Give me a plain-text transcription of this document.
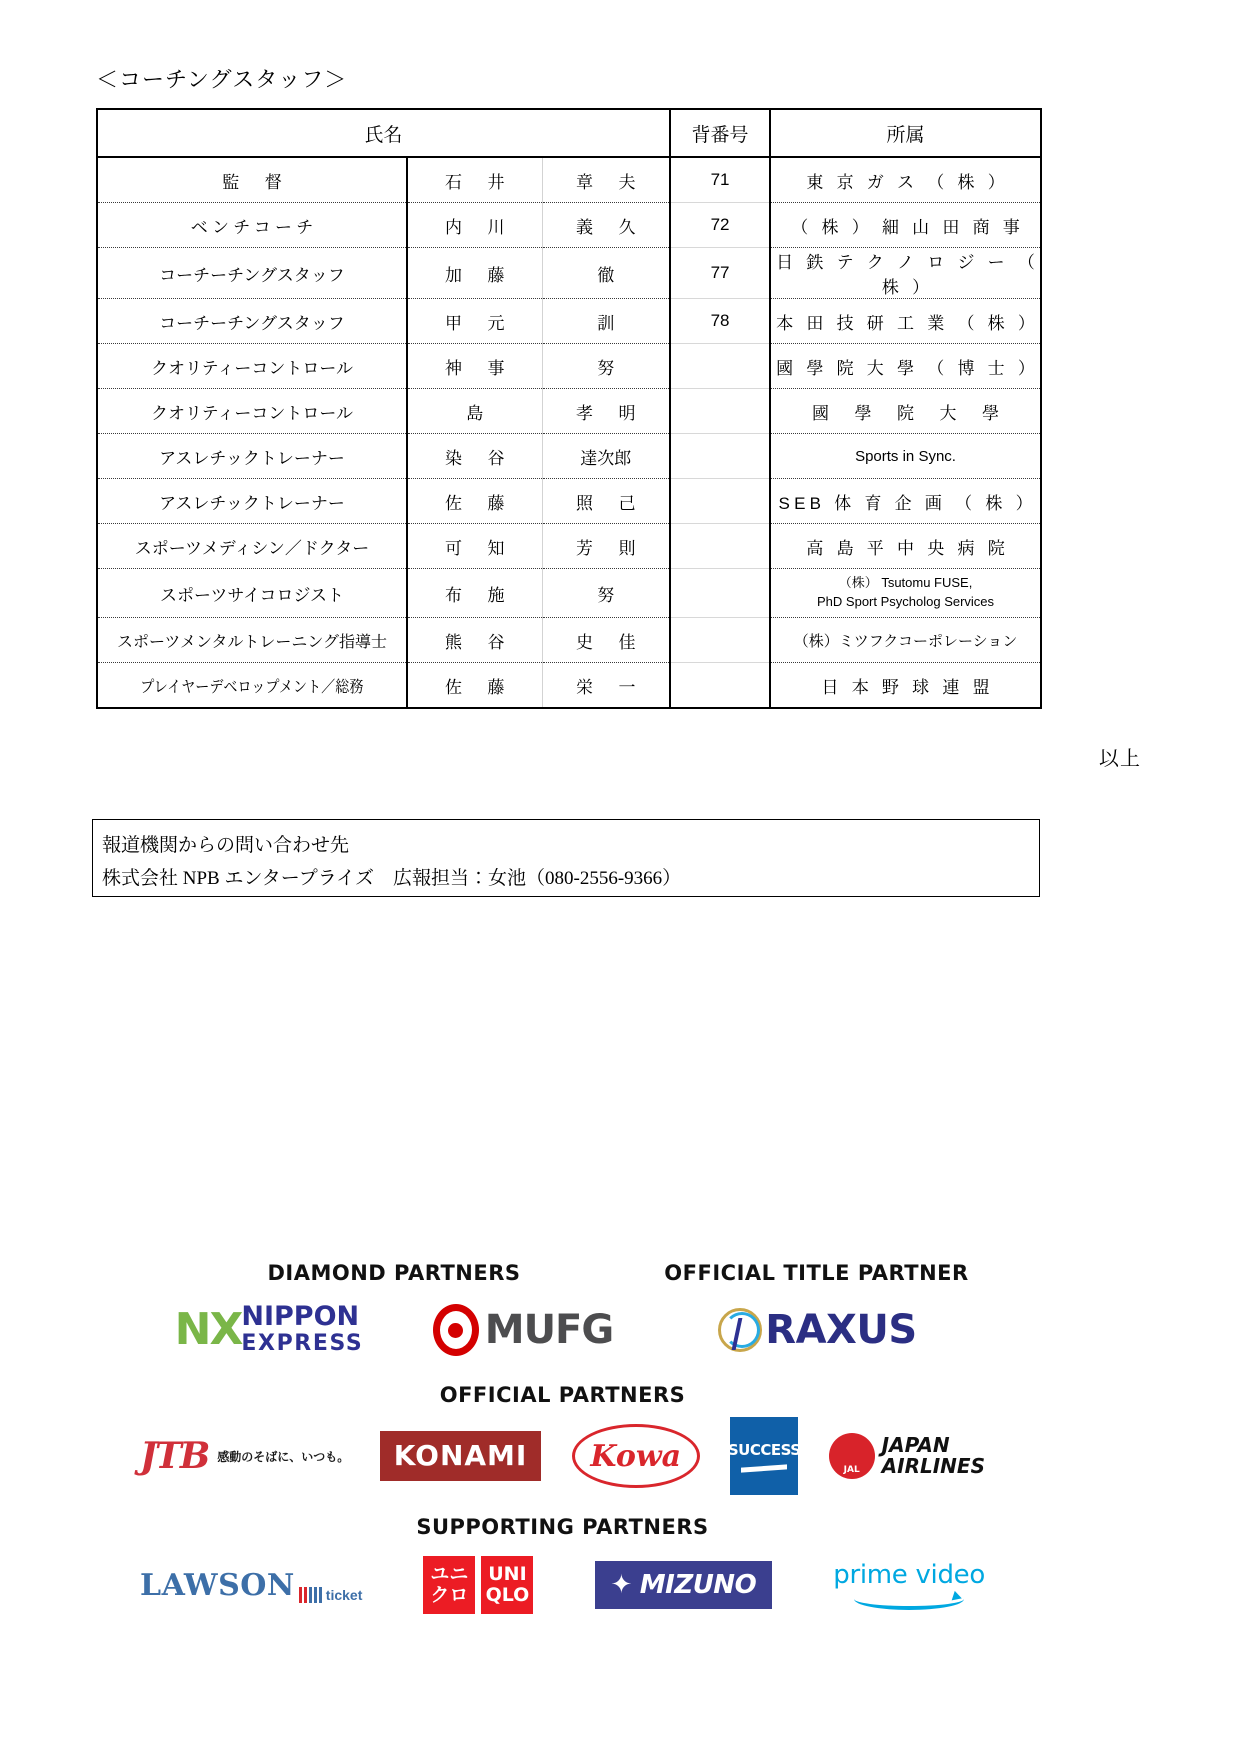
＜コーチングスタッフ＞
氏名			背番号	所属
監　督	石　井	章　夫	71	東 京 ガ ス （ 株 ）
ベンチコーチ	内　川	義　久	72	（ 株 ） 細 山 田 商 事
コーチーチングスタッフ	加　藤	徹	77	日 鉄 テ ク ノ ロ ジ ー （ 株 ）
コーチーチングスタッフ	甲　元	訓	78	本 田 技 研 工 業 （ 株 ）
クオリティーコントロール	神　事	努		國 學 院 大 學 （ 博 士 ）
クオリティーコントロール	島	孝　明		國　學　院　大　學
アスレチックトレーナー	染　谷	達次郎		Sports in Sync.
アスレチックトレーナー	佐　藤	照　己		SEB 体 育 企 画 （ 株 ）
スポーツメディシン／ドクター	可　知	芳　則		高 島 平 中 央 病 院
スポーツサイコロジスト	布　施	努		（株） Tsutomu FUSE,
PhD Sport Psycholog Services

スポーツメンタルトレーニング指導士	熊　谷	史　佳		（株）ミツフクコーポレーション
プレイヤーデベロップメント／総務	佐　藤	栄　一		日 本 野 球 連 盟
以上
報道機関からの問い合わせ先
株式会社 NPB エンタープライズ　広報担当：女池（080-2556-9366）
DIAMOND PARTNERS	OFFICIAL TITLE PARTNER
NX NIPPON
EXPRESS	MUFG	RAXUS
OFFICIAL PARTNERS
JTB 感動のそばに、いつも。	KONAMI	Kowa	SUCCESS
JAL
JAPAN
AIRLINES
SUPPORTING PARTNERS
LAWSON ticket
ユニ
クロ
UNI
QLO	✦ MIZUNO	prime video
